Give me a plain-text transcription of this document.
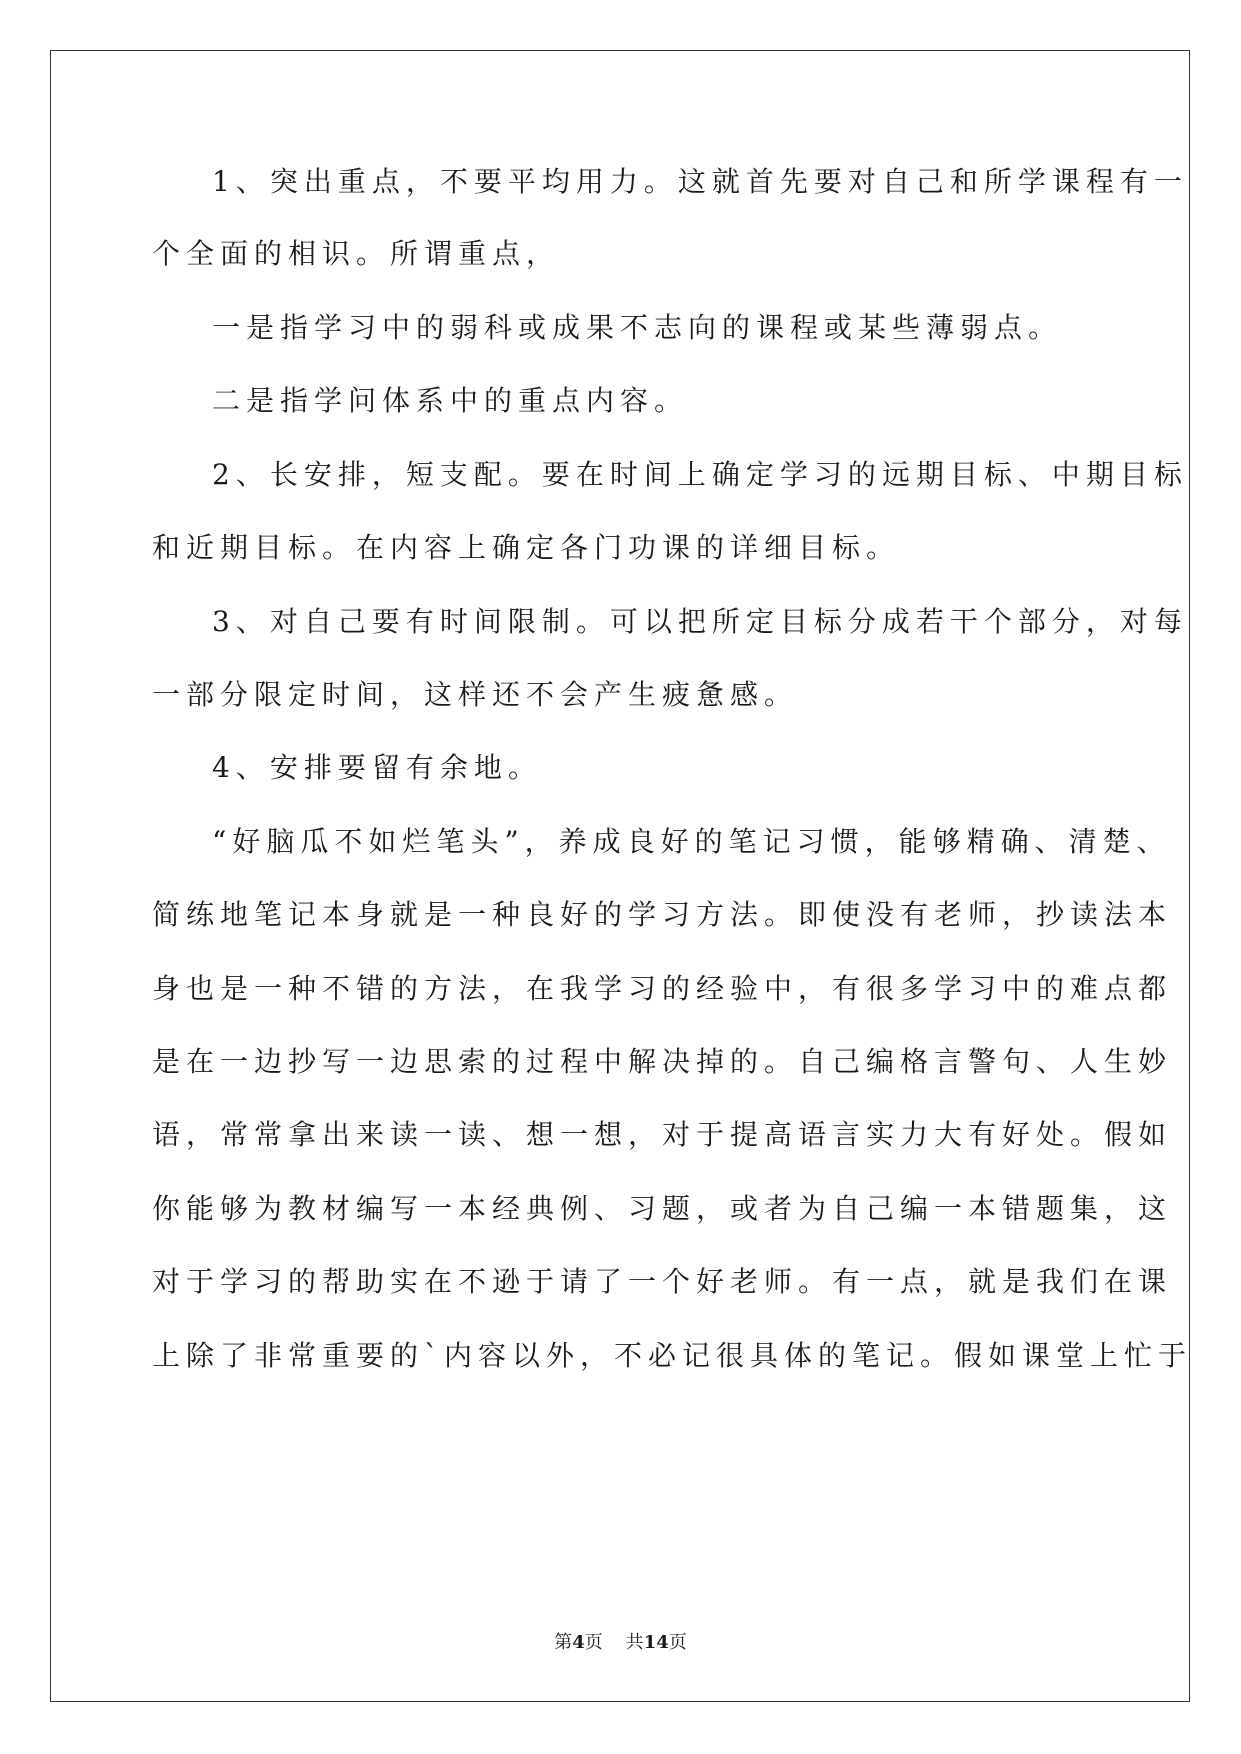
1、突出重点，不要平均用力。这就首先要对自己和所学课程有一
个全面的相识。所谓重点，
一是指学习中的弱科或成果不志向的课程或某些薄弱点。
二是指学问体系中的重点内容。
2、长安排，短支配。要在时间上确定学习的远期目标、中期目标
和近期目标。在内容上确定各门功课的详细目标。
3、对自己要有时间限制。可以把所定目标分成若干个部分，对每
一部分限定时间，这样还不会产生疲惫感。
4、安排要留有余地。
“好脑瓜不如烂笔头”，养成良好的笔记习惯，能够精确、清楚、
简练地笔记本身就是一种良好的学习方法。即使没有老师，抄读法本
身也是一种不错的方法，在我学习的经验中，有很多学习中的难点都
是在一边抄写一边思索的过程中解决掉的。自己编格言警句、人生妙
语，常常拿出来读一读、想一想，对于提高语言实力大有好处。假如
你能够为教材编写一本经典例、习题，或者为自己编一本错题集，这
对于学习的帮助实在不逊于请了一个好老师。有一点，就是我们在课
上除了非常重要的`内容以外，不必记很具体的笔记。假如课堂上忙于
第4页 共14页
